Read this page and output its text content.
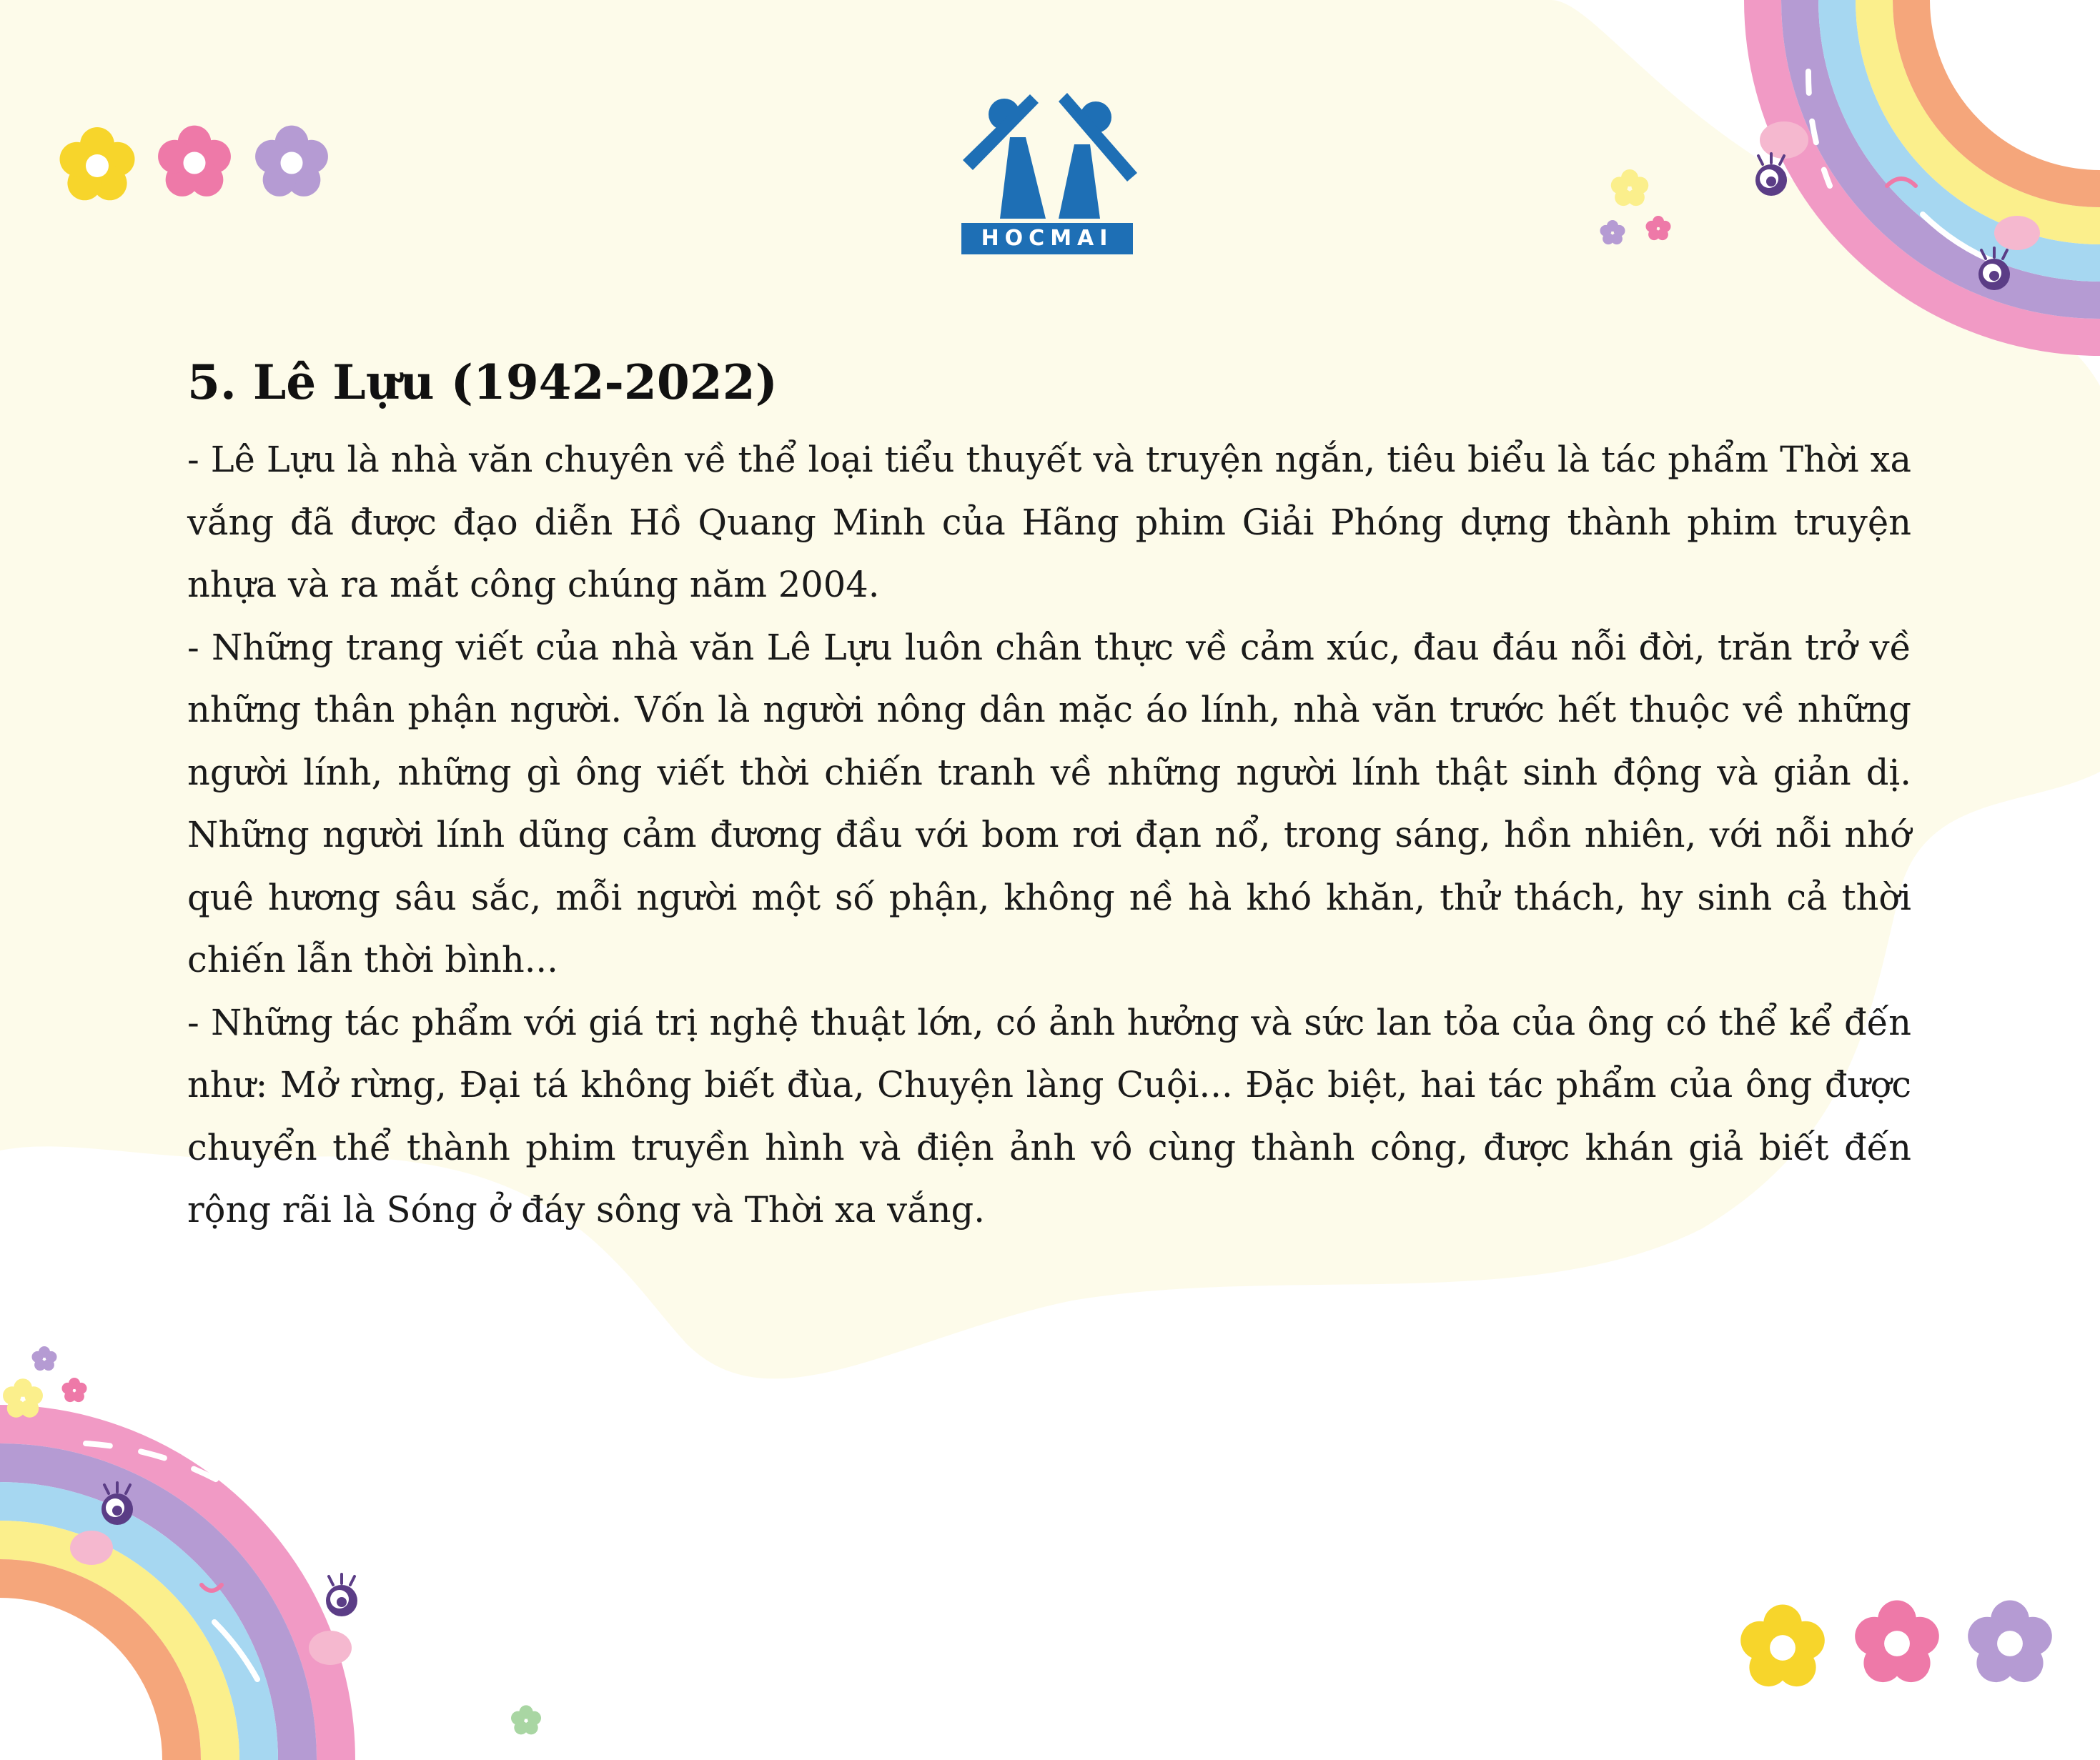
HOCMAI
5. Lê Lựu (1942-2022)

- Lê Lựu là nhà văn chuyên về thể loại tiểu thuyết và truyện ngắn, tiêu biểu là tác phẩm Thời xa vắng đã được đạo diễn Hồ Quang Minh của Hãng phim Giải Phóng dựng thành phim truyện nhựa và ra mắt công chúng năm 2004.

- Những trang viết của nhà văn Lê Lựu luôn chân thực về cảm xúc, đau đáu nỗi đời, trăn trở về những thân phận người. Vốn là người nông dân mặc áo lính, nhà văn trước hết thuộc về những người lính, những gì ông viết thời chiến tranh về những người lính thật sinh động và giản dị. Những người lính dũng cảm đương đầu với bom rơi đạn nổ, trong sáng, hồn nhiên, với nỗi nhớ quê hương sâu sắc, mỗi người một số phận, không nề hà khó khăn, thử thách, hy sinh cả thời chiến lẫn thời bình...

- Những tác phẩm với giá trị nghệ thuật lớn, có ảnh hưởng và sức lan tỏa của ông có thể kể đến như: Mở rừng, Đại tá không biết đùa, Chuyện làng Cuội... Đặc biệt, hai tác phẩm của ông được chuyển thể thành phim truyền hình và điện ảnh vô cùng thành công, được khán giả biết đến rộng rãi là Sóng ở đáy sông và Thời xa vắng.
